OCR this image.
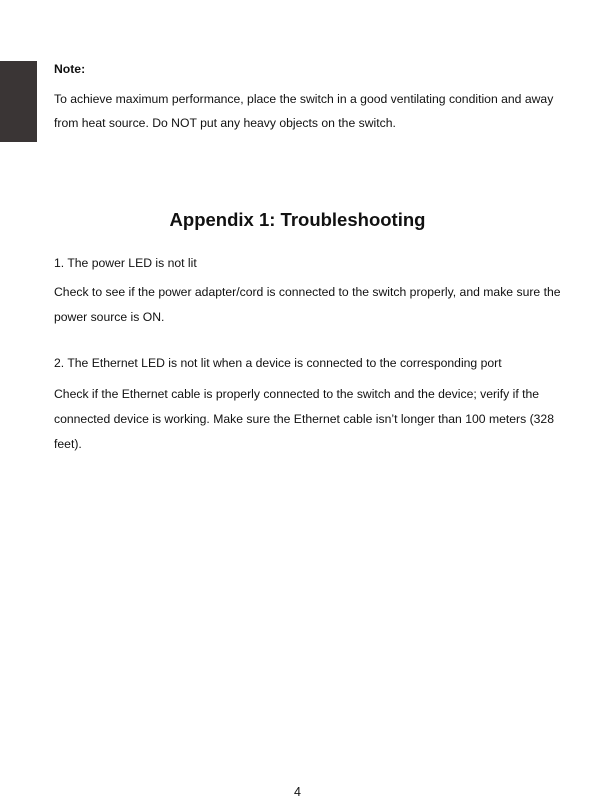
Note:
To achieve maximum performance, place the switch in a good ventilating condition and away
from heat source. Do NOT put any heavy objects on the switch.
Appendix 1: Troubleshooting
1. The power LED is not lit
Check to see if the power adapter/cord is connected to the switch properly, and make sure the
power source is ON.
2. The Ethernet LED is not lit when a device is connected to the corresponding port
Check if the Ethernet cable is properly connected to the switch and the device; verify if the
connected device is working. Make sure the Ethernet cable isn’t longer than 100 meters (328
feet).
4
